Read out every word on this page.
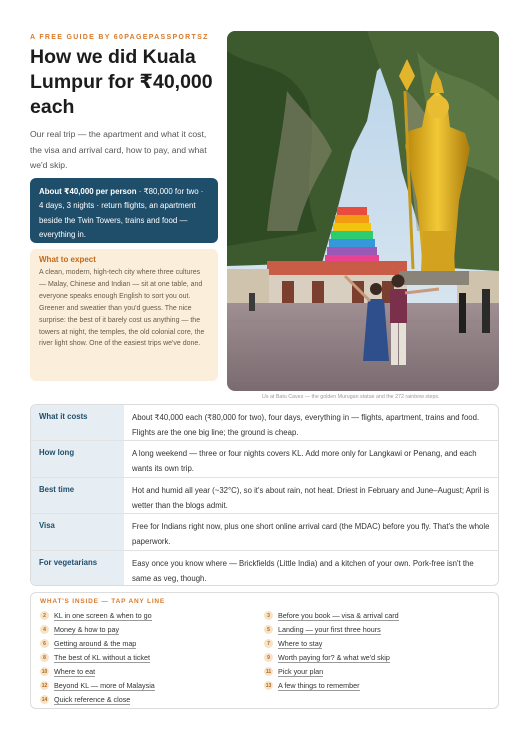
A FREE GUIDE BY 60PAGEPASSPORTSZ
How we did Kuala Lumpur for ₹40,000 each

Our real trip — the apartment and what it cost, the visa and arrival card, how to pay, and what we'd skip.

About ₹40,000 per person · ₹80,000 for two · 4 days, 3 nights · return flights, an apartment beside the Twin Towers, trains and food — everything in.

What to expect

A clean, modern, high-tech city where three cultures — Malay, Chinese and Indian — sit at one table, and everyone speaks enough English to sort you out. Greener and sweatier than you'd guess. The nice surprise: the best of it barely cost us anything — the towers at night, the temples, the old colonial core, the river light show. One of the easiest trips we've done.

Us at Batu Caves — the golden Murugan statue and the 272 rainbow steps.
What it costs	About ₹40,000 each (₹80,000 for two), four days, everything in — flights, apartment, trains and food. Flights are the one big line; the ground is cheap.
How long	A long weekend — three or four nights covers KL. Add more only for Langkawi or Penang, and each wants its own trip.
Best time	Hot and humid all year (~32°C), so it's about rain, not heat. Driest in February and June–August; April is wetter than the blogs admit.
Visa	Free for Indians right now, plus one short online arrival card (the MDAC) before you fly. That's the whole paperwork.
For vegetarians	Easy once you know where — Brickfields (Little India) and a kitchen of your own. Pork-free isn't the same as veg, though.
WHAT'S INSIDE — TAP ANY LINE
2	KL in one screen & when to go	3	Before you book — visa & arrival card
4	Money & how to pay	5	Landing — your first three hours
6	Getting around & the map	7	Where to stay
8	The best of KL without a ticket	9	Worth paying for? & what we'd skip
10 Where to eat	11 Pick your plan
12 Beyond KL — more of Malaysia	13 A few things to remember
14 Quick reference & close
